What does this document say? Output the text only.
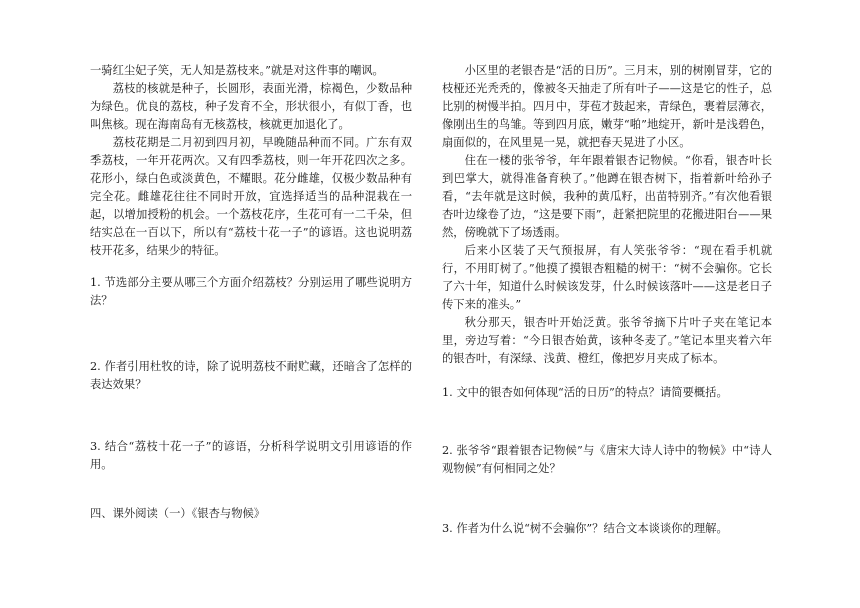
一骑红尘妃子笑，无人知是荔枝来。”就是对这件事的嘲讽。

荔枝的核就是种子，长圆形，表面光滑，棕褐色，少数品种为绿色。优良的荔枝，种子发育不全，形状很小，有似丁香，也叫焦核。现在海南岛有无核荔枝，核就更加退化了。

荔枝花期是二月初到四月初，早晚随品种而不同。广东有双季荔枝，一年开花两次。又有四季荔枝，则一年开花四次之多。花形小，绿白色或淡黄色，不耀眼。花分雌雄，仅极少数品种有完全花。雌雄花往往不同时开放，宜选择适当的品种混栽在一起，以增加授粉的机会。一个荔枝花序，生花可有一二千朵，但结实总在一百以下，所以有“荔枝十花一子”的谚语。这也说明荔枝开花多，结果少的特征。

1. 节选部分主要从哪三个方面介绍荔枝？分别运用了哪些说明方法？

2. 作者引用杜牧的诗，除了说明荔枝不耐贮藏，还暗含了怎样的表达效果？

3. 结合“荔枝十花一子”的谚语，分析科学说明文引用谚语的作用。

四、课外阅读（一）《银杏与物候》

小区里的老银杏是“活的日历”。三月末，别的树刚冒芽，它的枝桠还光秃秃的，像被冬天抽走了所有叶子——这是它的性子，总比别的树慢半拍。四月中，芽苞才鼓起来，青绿色，裹着层薄衣，像刚出生的鸟雏。等到四月底，嫩芽“啪”地绽开，新叶是浅碧色，扇面似的，在风里晃一晃，就把春天晃进了小区。

住在一楼的张爷爷，年年跟着银杏记物候。“你看，银杏叶长到巴掌大，就得准备育秧了。”他蹲在银杏树下，指着新叶给孙子看，“去年就是这时候，我种的黄瓜籽，出苗特别齐。”有次他看银杏叶边缘卷了边，“这是要下雨”，赶紧把院里的花搬进阳台——果然，傍晚就下了场透雨。

后来小区装了天气预报屏，有人笑张爷爷：“现在看手机就行，不用盯树了。”他摸了摸银杏粗糙的树干：“树不会骗你。它长了六十年，知道什么时候该发芽，什么时候该落叶——这是老日子传下来的准头。”

秋分那天，银杏叶开始泛黄。张爷爷摘下片叶子夹在笔记本里，旁边写着：“今日银杏始黄，该种冬麦了。”笔记本里夹着六年的银杏叶，有深绿、浅黄、橙红，像把岁月夹成了标本。

1. 文中的银杏如何体现“活的日历”的特点？请简要概括。

2. 张爷爷“跟着银杏记物候”与《唐宋大诗人诗中的物候》中“诗人观物候”有何相同之处？

3. 作者为什么说“树不会骗你”？结合文本谈谈你的理解。
